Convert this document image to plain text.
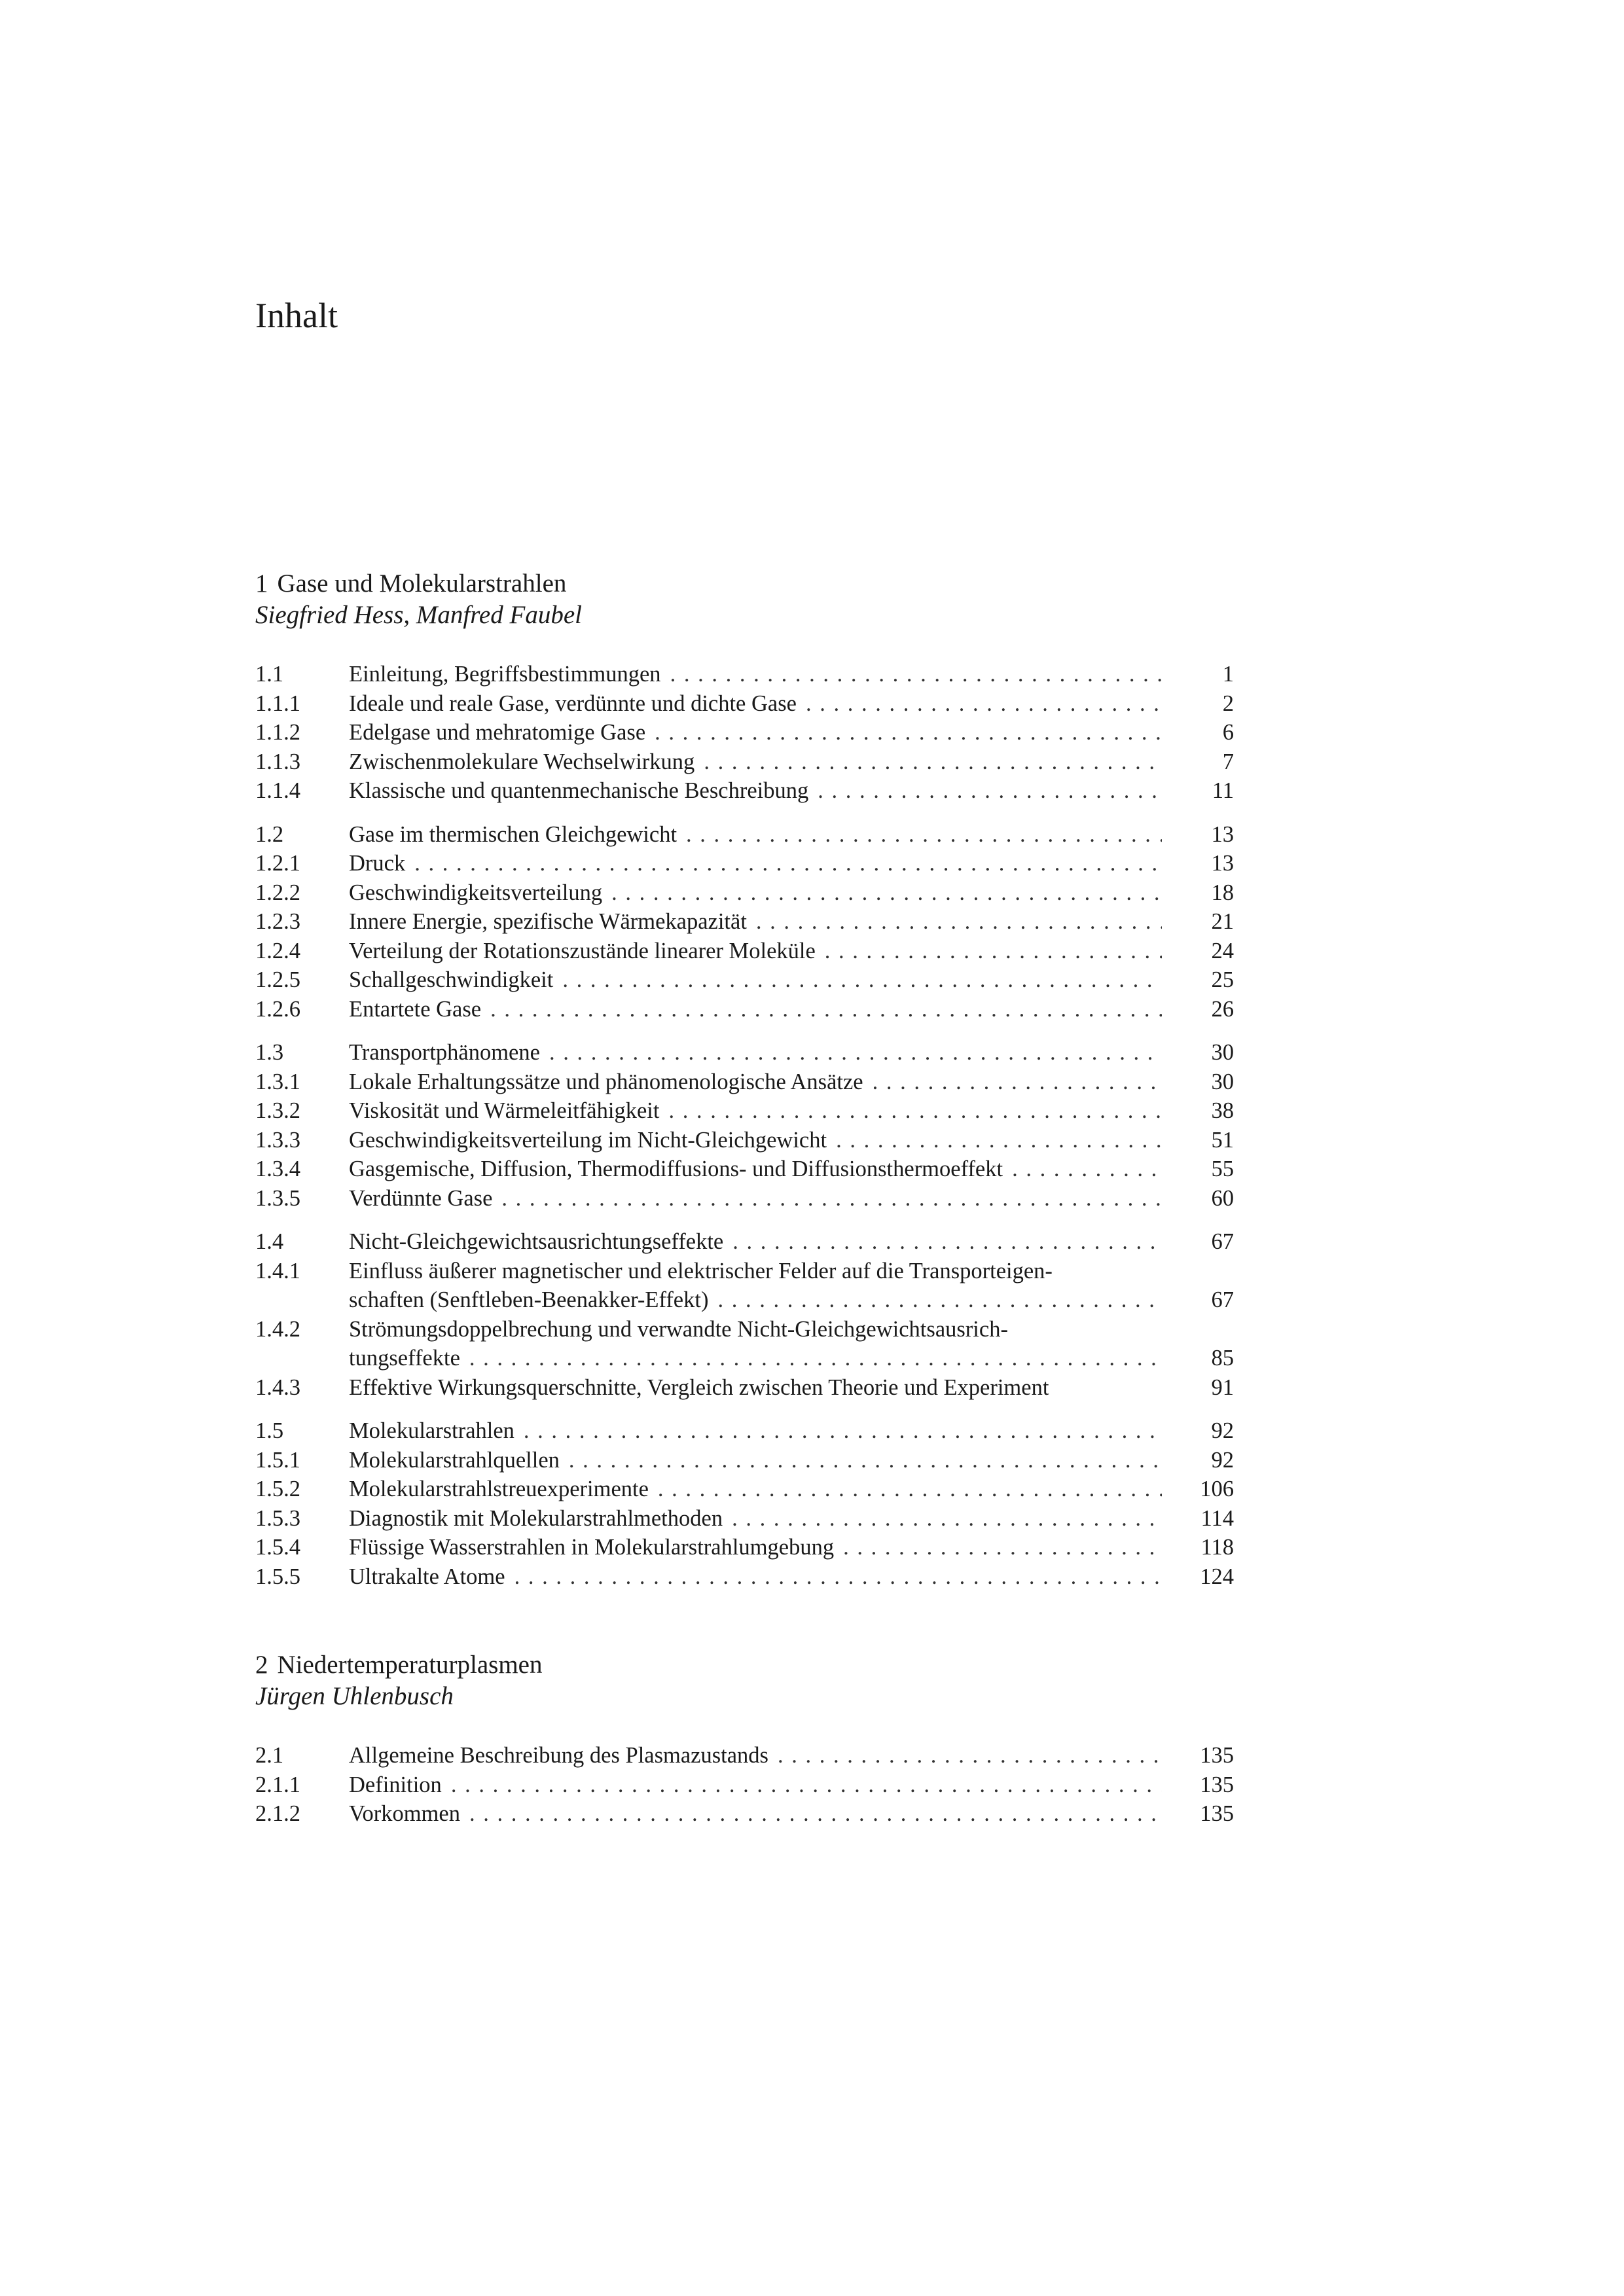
Inhalt
1 Gase und Molekularstrahlen
Siegfried Hess, Manfred Faubel
1.1	Einleitung, Begriffsbestimmungen . . .	1
1.1.1	Ideale und reale Gase, verdünnte und dichte Gase . . .	2
1.1.2	Edelgase und mehratomige Gase . . .	6
1.1.3	Zwischenmolekulare Wechselwirkung . . .	7
1.1.4	Klassische und quantenmechanische Beschreibung . . .	11
1.2	Gase im thermischen Gleichgewicht . . .	13
1.2.1	Druck . . .	13
1.2.2	Geschwindigkeitsverteilung . . .	18
1.2.3	Innere Energie, spezifische Wärmekapazität . . .	21
1.2.4	Verteilung der Rotationszustände linearer Moleküle . . .	24
1.2.5	Schallgeschwindigkeit . . .	25
1.2.6	Entartete Gase . . .	26
1.3	Transportphänomene . . .	30
1.3.1	Lokale Erhaltungssätze und phänomenologische Ansätze . . .	30
1.3.2	Viskosität und Wärmeleitfähigkeit . . .	38
1.3.3	Geschwindigkeitsverteilung im Nicht-Gleichgewicht . . .	51
1.3.4	Gasgemische, Diffusion, Thermodiffusions- und Diffusionsthermoeffekt . . .	55
1.3.5	Verdünnte Gase . . .	60
1.4	Nicht-Gleichgewichtsausrichtungseffekte . . .	67
1.4.1	Einfluss äußerer magnetischer und elektrischer Felder auf die Transporteigen-
schaften (Senftleben-Beenakker-Effekt) . . .	67
1.4.2	Strömungsdoppelbrechung und verwandte Nicht-Gleichgewichtsausrich-
tungseffekte . . .	85
1.4.3	Effektive Wirkungsquerschnitte, Vergleich zwischen Theorie und Experiment	91
1.5	Molekularstrahlen . . .	92
1.5.1	Molekularstrahlquellen . . .	92
1.5.2	Molekularstrahlstreuexperimente . . .	106
1.5.3	Diagnostik mit Molekularstrahlmethoden . . .	114
1.5.4	Flüssige Wasserstrahlen in Molekularstrahlumgebung . . .	118
1.5.5	Ultrakalte Atome . . .	124
2 Niedertemperaturplasmen
Jürgen Uhlenbusch
2.1	Allgemeine Beschreibung des Plasmazustands . . .	135
2.1.1	Definition . . .	135
2.1.2	Vorkommen . . .	135
